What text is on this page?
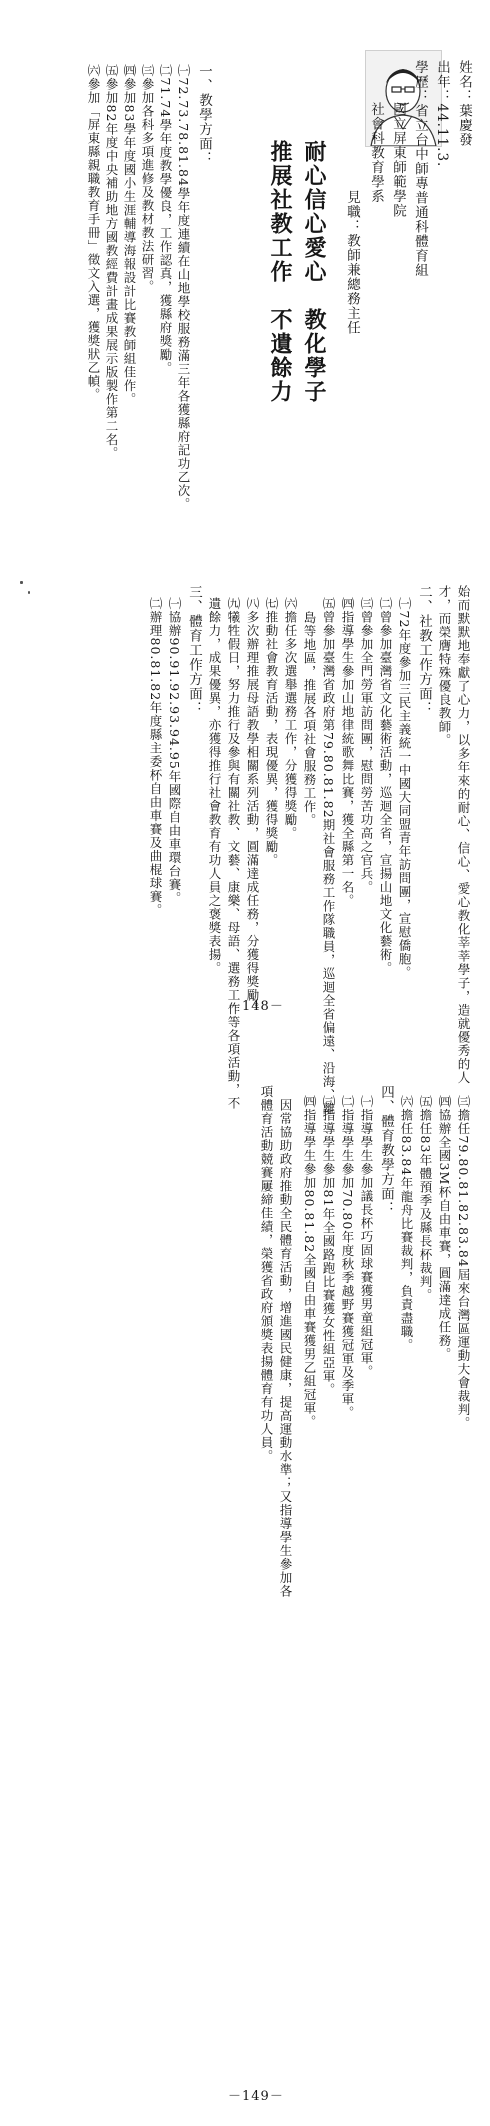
姓名：葉慶發
出年：44.11.3.
學歷：省立台中師專普通科體育組
國立屏東師範學院
社會科教育學系
見職：教師兼總務主任
耐心信心愛心　教化學子
推展社教工作　不遺餘力
一、教學方面：
㈠72.73.78.81.84學年度連續在山地學校服務滿三年各獲縣府記功乙次。
㈡71.74學年度教學優良，工作認真，獲縣府獎勵。
㈢參加各科多項進修及教材教法研習。
㈣參加83學年度國小生涯輔導海報設計比賽教師組佳作。
㈤參加82年度中央補助地方國教經費計畫成果展示版製作第二名。
㈥參加「屏東縣親職教育手冊」徵文入選，獲獎狀乙幀。
始而默默地奉獻了心力，以多年來的耐心、信心、愛心教化莘莘學子，造就優秀的人
才，而榮膺特殊優良教師。
二、社教工作方面：
㈠72年度參加三民主義統一中國大同盟青年訪問團，宣慰僑胞。
㈡曾參加臺灣省文化藝術活動，巡迴全省，宣揚山地文化藝術。
㈢曾參加全門勞軍訪問團，慰問勞苦功高之官兵。
㈣指導學生參加山地律統歌舞比賽，獲全縣第一名。
㈤曾參加臺灣省政府第79.80.81.82期社會服務工作隊職員，巡迴全省偏遠、沿海、離
島等地區，推展各項社會服務工作。
㈥擔任多次選舉選務工作，分獲得獎勵。
㈦推動社會教育活動，表現優異，獲得獎勵。
㈧多次辦理推展母語教學相關系列活動，圓滿達成任務，分獲得獎勵。
㈨犧牲假日，努力推行及參與有關社教、文藝、康樂、母語、選務工作等各項活動，不
遺餘力，成果優異，亦獲得推行社會教育有功人員之褒獎表揚。
三、體育工作方面：
㈠協辦90.91.92.93.94.95年國際自由車環台賽。
㈡辦理80.81.82年度縣主委杯自由車賽及曲棍球賽。
－148－
㈢擔任79.80.81.82.83.84屆來台灣區運動大會裁判。
㈣協辦全國3M杯自由車賽，圓滿達成任務。
㈤擔任83年體預季及縣長杯裁判。
㈥擔任83.84年龍舟比賽裁判，負責盡職。
四、體育教學方面：
㈠指導學生參加議長杯巧固球賽獲男童組冠軍。
㈡指導學生參加70.80年度秋季越野賽獲冠軍及季軍。
㈢指導學生參加81年全國路跑比賽獲女性組亞軍。
㈣指導學生參加80.81.82全國自由車賽獲男乙組冠軍。
　因常協助政府推動全民體育活動，增進國民健康，提高運動水準；又指導學生參加各
項體育活動競賽屢締佳績，榮獲省政府頒獎表揚體育有功人員。
－149－
